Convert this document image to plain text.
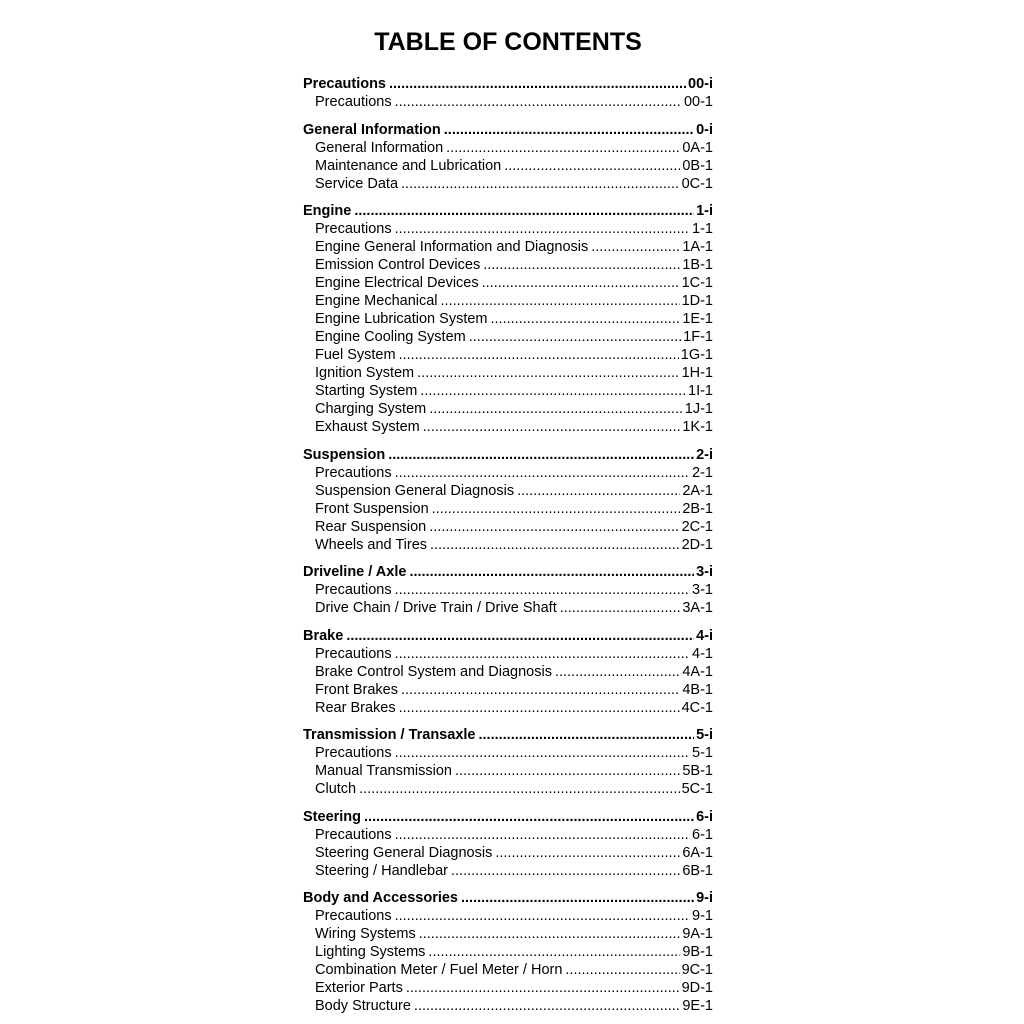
TABLE OF CONTENTS
Precautions .....	00-i
Precautions .....	00-1
General Information .....	0-i
General Information .....	0A-1
Maintenance and Lubrication .....	0B-1
Service Data .....	0C-1
Engine .....	1-i
Precautions .....	1-1
Engine General Information and Diagnosis .....	1A-1
Emission Control Devices .....	1B-1
Engine Electrical Devices .....	1C-1
Engine Mechanical .....	1D-1
Engine Lubrication System .....	1E-1
Engine Cooling System .....	1F-1
Fuel System .....	1G-1
Ignition System .....	1H-1
Starting System .....	1I-1
Charging System .....	1J-1
Exhaust System .....	1K-1
Suspension .....	2-i
Precautions .....	2-1
Suspension General Diagnosis .....	2A-1
Front Suspension .....	2B-1
Rear Suspension .....	2C-1
Wheels and Tires .....	2D-1
Driveline / Axle .....	3-i
Precautions .....	3-1
Drive Chain / Drive Train / Drive Shaft .....	3A-1
Brake .....	4-i
Precautions .....	4-1
Brake Control System and Diagnosis .....	4A-1
Front Brakes .....	4B-1
Rear Brakes .....	4C-1
Transmission / Transaxle .....	5-i
Precautions .....	5-1
Manual Transmission .....	5B-1
Clutch .....	5C-1
Steering .....	6-i
Precautions .....	6-1
Steering General Diagnosis .....	6A-1
Steering / Handlebar .....	6B-1
Body and Accessories .....	9-i
Precautions .....	9-1
Wiring Systems .....	9A-1
Lighting Systems .....	9B-1
Combination Meter / Fuel Meter / Horn .....	9C-1
Exterior Parts .....	9D-1
Body Structure .....	9E-1
